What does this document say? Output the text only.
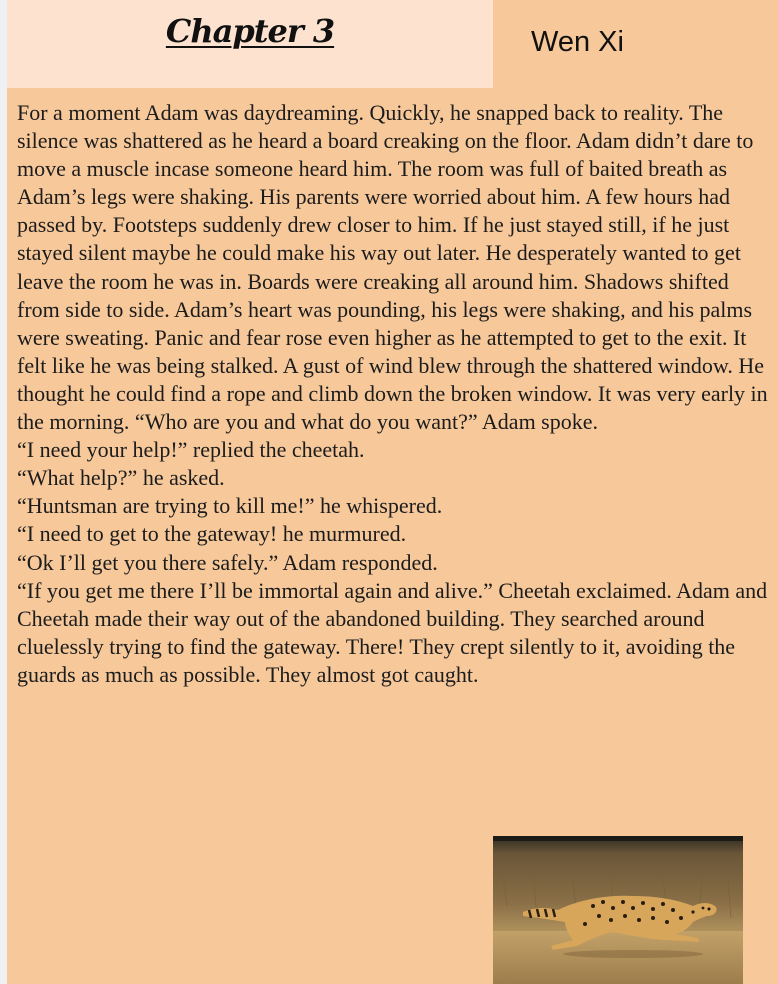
Chapter 3	Wen Xi
For a moment Adam was daydreaming. Quickly, he snapped back to reality. The silence was shattered as he heard a board creaking on the floor. Adam didn’t dare to move a muscle incase someone heard him. The room was full of baited breath as Adam’s legs were shaking. His parents were worried about him. A few hours had passed by. Footsteps suddenly drew closer to him. If he just stayed still, if he just stayed silent maybe he could make his way out later. He desperately wanted to get leave the room he was in. Boards were creaking all around him. Shadows shifted from side to side. Adam’s heart was pounding, his legs were shaking, and his palms were sweating. Panic and fear rose even higher as he attempted to get to the exit. It felt like he was being stalked. A gust of wind blew through the shattered window. He thought he could find a rope and climb down the broken window. It was very early in the morning. “Who are you and what do you want?” Adam spoke.
“I need your help!” replied the cheetah.
“What help?” he asked.
“Huntsman are trying to kill me!” he whispered.
“I need to get to the gateway! he murmured.
“Ok I’ll get you there safely.” Adam responded.
“If you get me there I’ll be immortal again and alive.” Cheetah exclaimed. Adam and Cheetah made their way out of the abandoned building. They searched around cluelessly trying to find the gateway. There! They crept silently to it, avoiding the guards as much as possible. They almost got caught.
